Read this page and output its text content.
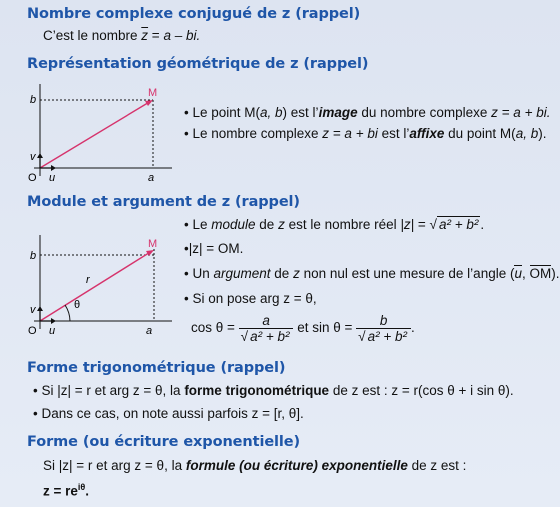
Nombre complexe conjugué de z (rappel)
C’est le nombre $\overline{z} = a$ – bi.
Représentation géométrique de z (rappel)
b
M
v
O u	a
• Le point M(a, b) est l’image du nombre complexe z = a + bi.
• Le nombre complexe z = a + bi est l’affixe du point M(a, b).
Module et argument de z (rappel)
b
M
r
θ
v
O u	a
• Le module de z est le nombre réel |z| = √ a² + b² .
•|z| = OM.
• Un argument de z non nul est une mesure de l’angle (u, OM).
• Si on pose arg z = θ,
$\cos \theta = \frac{a}{\text{√ a² + b²}}$ et $\sin \theta = \frac{b}{\text{√ a² + b²}}$ .
Forme trigonométrique (rappel)
• Si |z| = r et arg z = θ, la forme trigonométrique de z est : z = r(cos θ + i sin θ).
• Dans ce cas, on note aussi parfois z = [r, θ].
Forme (ou écriture exponentielle)
Si |z| = r et arg z = θ, la formule (ou écriture) exponentielle de z est :
$z = re^{i\theta}$.
